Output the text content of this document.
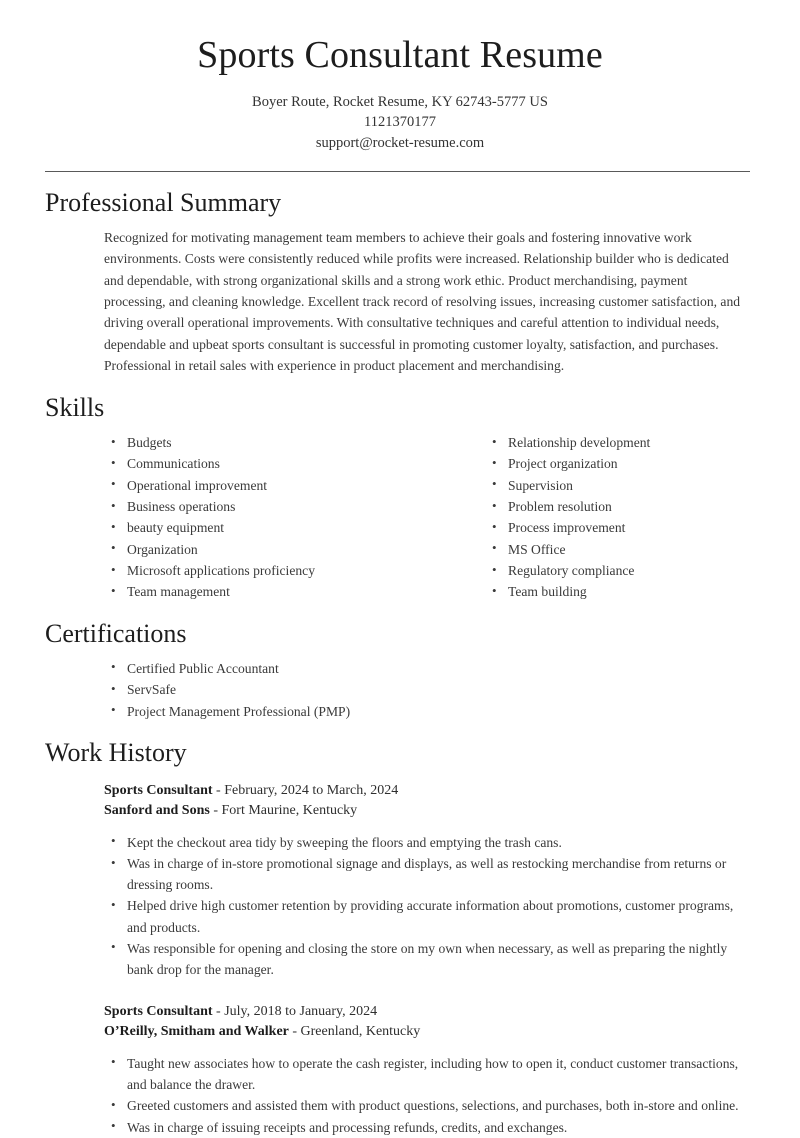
Sports Consultant Resume

Boyer Route, Rocket Resume, KY 62743-5777 US

1121370177

support@rocket-resume.com

Professional Summary

Recognized for motivating management team members to achieve their goals and fostering innovative work environments. Costs were consistently reduced while profits were increased. Relationship builder who is dedicated and dependable, with strong organizational skills and a strong work ethic. Product merchandising, payment processing, and cleaning knowledge. Excellent track record of resolving issues, increasing customer satisfaction, and driving overall operational improvements. With consultative techniques and careful attention to individual needs, dependable and upbeat sports consultant is successful in promoting customer loyalty, satisfaction, and purchases. Professional in retail sales with experience in product placement and merchandising.

Skills
• Budgets
• Communications
• Operational improvement
• Business operations
• beauty equipment
• Organization
• Microsoft applications proficiency
• Team management
• Relationship development
• Project organization
• Supervision
• Problem resolution
• Process improvement
• MS Office
• Regulatory compliance
• Team building
Certifications
• Certified Public Accountant
• ServSafe
• Project Management Professional (PMP)
Work History
Sports Consultant - February, 2024 to March, 2024
Sanford and Sons - Fort Maurine, Kentucky
• Kept the checkout area tidy by sweeping the floors and emptying the trash cans.
• Was in charge of in-store promotional signage and displays, as well as restocking merchandise from returns or dressing rooms.
• Helped drive high customer retention by providing accurate information about promotions, customer programs, and products.
• Was responsible for opening and closing the store on my own when necessary, as well as preparing the nightly bank drop for the manager.
Sports Consultant - July, 2018 to January, 2024
O’Reilly, Smitham and Walker - Greenland, Kentucky
• Taught new associates how to operate the cash register, including how to open it, conduct customer transactions, and balance the drawer.
• Greeted customers and assisted them with product questions, selections, and purchases, both in-store and online.
• Was in charge of issuing receipts and processing refunds, credits, and exchanges.
